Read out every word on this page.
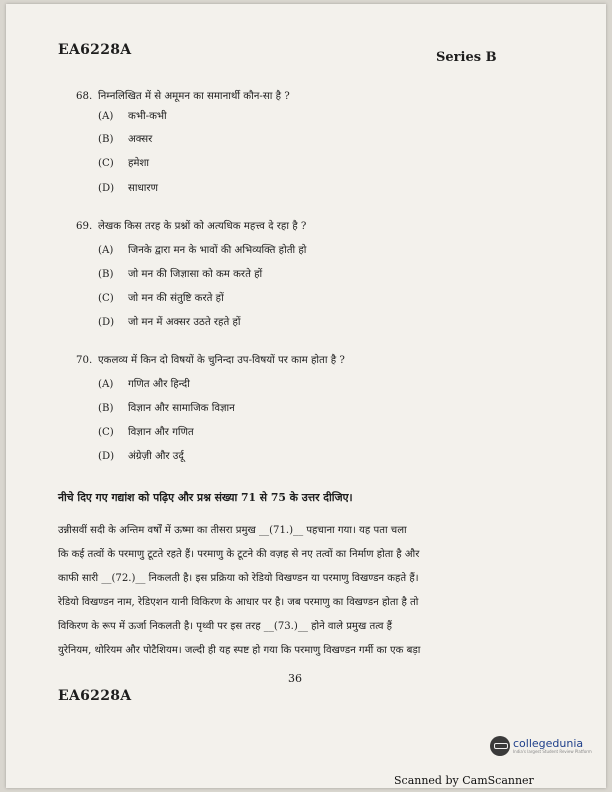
EA6228A	Series B
68. निम्नलिखित में से अमूमन का समानार्थी कौन-सा है ?
(A) कभी-कभी
(B) अक्सर
(C) हमेशा
(D) साधारण
69. लेखक किस तरह के प्रश्नों को अत्यधिक महत्त्व दे रहा है ?
(A) जिनके द्वारा मन के भावों की अभिव्यक्ति होती हो
(B) जो मन की जिज्ञासा को कम करते हों
(C) जो मन की संतुष्टि करते हों
(D) जो मन में अक्सर उठते रहते हों
70. एकलव्य में किन दो विषयों के चुनिन्दा उप-विषयों पर काम होता है ?
(A) गणित और हिन्दी
(B) विज्ञान और सामाजिक विज्ञान
(C) विज्ञान और गणित
(D) अंग्रेज़ी और उर्दू
नीचे दिए गए गद्यांश को पढ़िए और प्रश्न संख्या 71 से 75 के उत्तर दीजिए।
उन्नीसवीं सदी के अन्तिम वर्षों में ऊष्मा का तीसरा प्रमुख __(71.)__ पहचाना गया। यह पता चला
कि कई तत्वों के परमाणु टूटते रहते हैं। परमाणु के टूटने की वज़ह से नए तत्वों का निर्माण होता है और
काफी सारी __(72.)__ निकलती है। इस प्रक्रिया को रेडियो विखण्डन या परमाणु विखण्डन कहते हैं।
रेडियो विखण्डन नाम, रेडिएशन यानी विकिरण के आधार पर है। जब परमाणु का विखण्डन होता है तो
विकिरण के रूप में ऊर्जा निकलती है। पृथ्वी पर इस तरह __(73.)__ होने वाले प्रमुख तत्व हैं
युरेनियम, थोरियम और पोटैशियम। जल्दी ही यह स्पष्ट हो गया कि परमाणु विखण्डन गर्मी का एक बड़ा
36
EA6228A
collegedunia
India's largest Student Review Platform
Scanned by CamScanner
